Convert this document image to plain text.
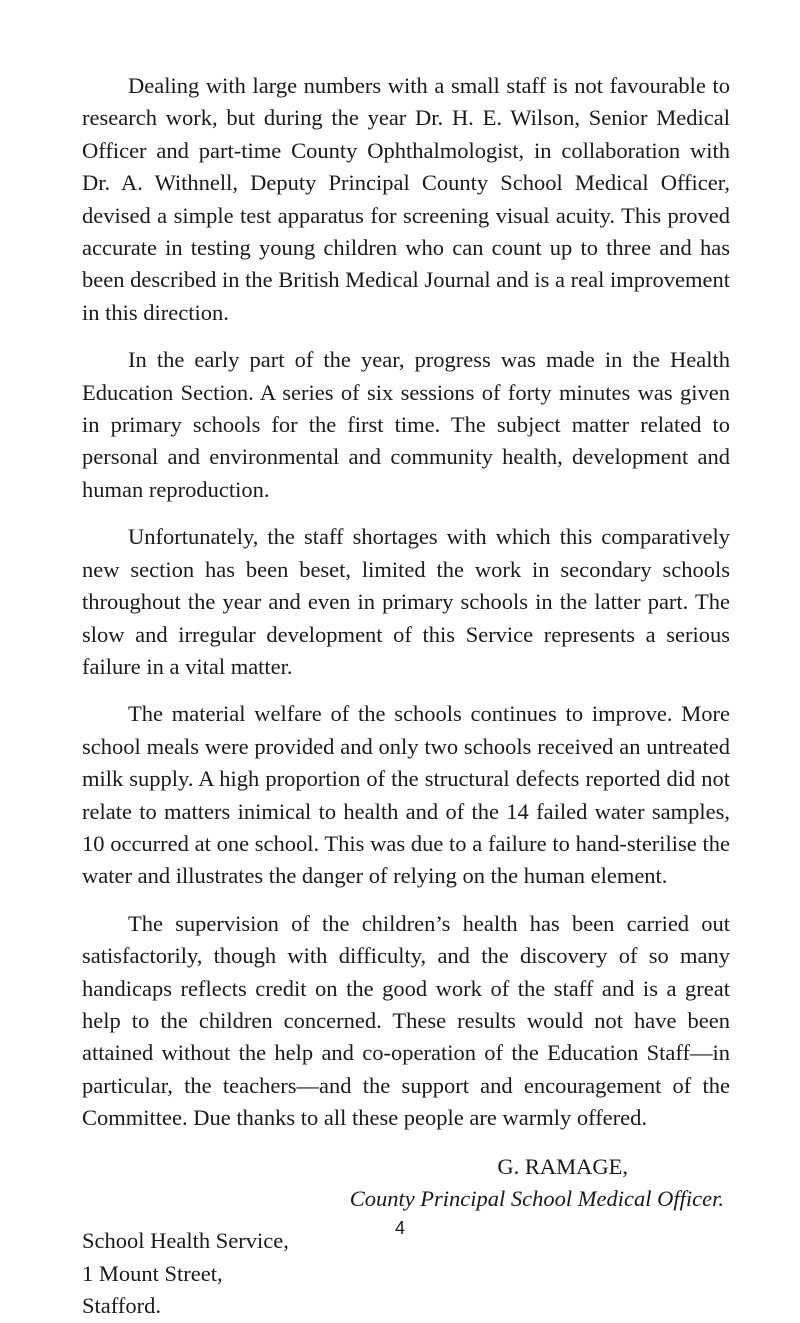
Dealing with large numbers with a small staff is not favourable to research work, but during the year Dr. H. E. Wilson, Senior Medical Officer and part-time County Ophthalmologist, in collaboration with Dr. A. Withnell, Deputy Principal County School Medical Officer, devised a simple test apparatus for screening visual acuity. This proved accurate in testing young children who can count up to three and has been described in the British Medical Journal and is a real improvement in this direction.

In the early part of the year, progress was made in the Health Education Section. A series of six sessions of forty minutes was given in primary schools for the first time. The subject matter related to personal and environmental and community health, development and human reproduction.

Unfortunately, the staff shortages with which this comparatively new section has been beset, limited the work in secondary schools throughout the year and even in primary schools in the latter part. The slow and irregular development of this Service represents a serious failure in a vital matter.

The material welfare of the schools continues to improve. More school meals were provided and only two schools received an untreated milk supply. A high proportion of the structural defects reported did not relate to matters inimical to health and of the 14 failed water samples, 10 occurred at one school. This was due to a failure to hand-sterilise the water and illustrates the danger of relying on the human element.

The supervision of the children’s health has been carried out satisfactorily, though with difficulty, and the discovery of so many handicaps reflects credit on the good work of the staff and is a great help to the children concerned. These results would not have been attained without the help and co-operation of the Education Staff—in particular, the teachers—and the support and encouragement of the Committee. Due thanks to all these people are warmly offered.

G. RAMAGE,
County Principal School Medical Officer.
School Health Service,
1 Mount Street,
Stafford.
4
